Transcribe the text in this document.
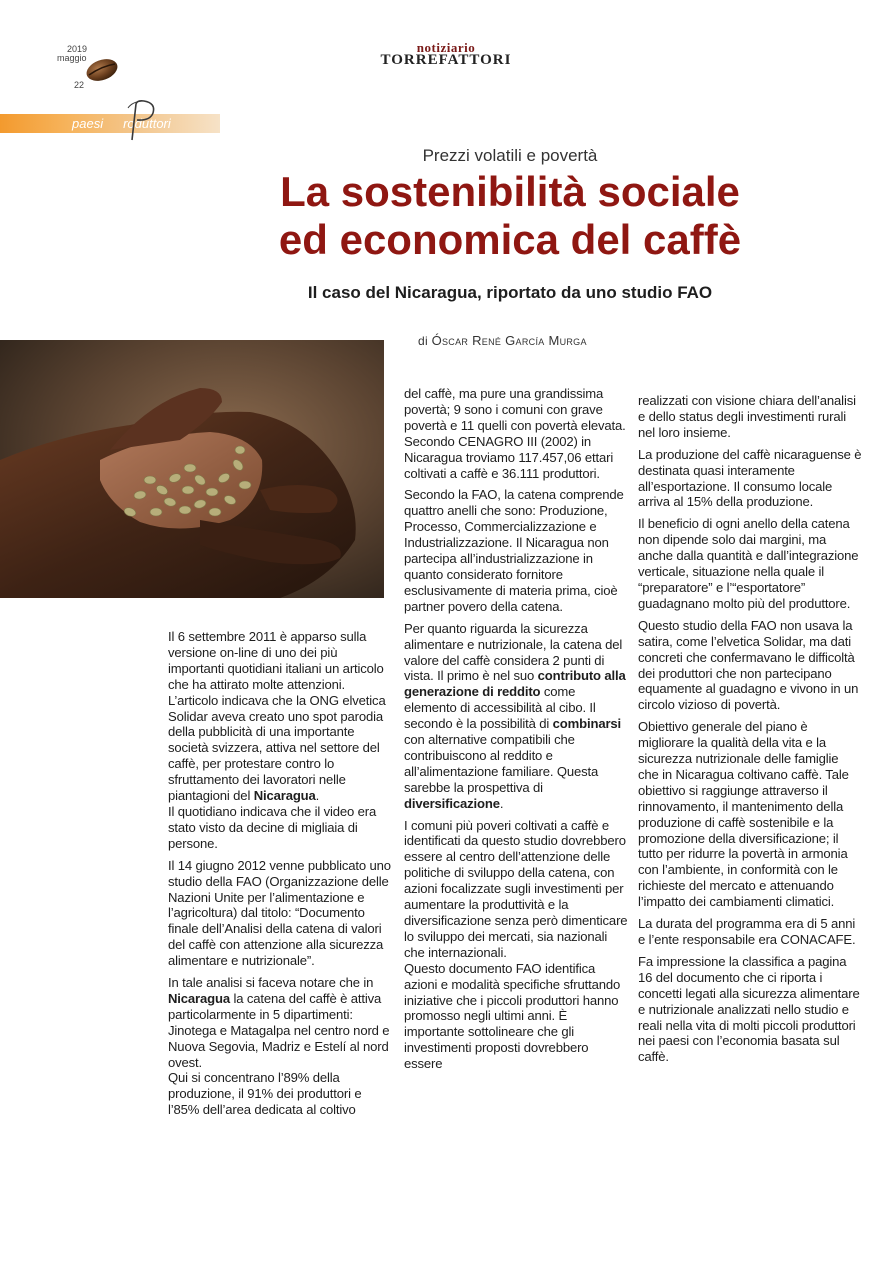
2019
maggio
22
notiziario
TORREFATTORI
paesi roduttori
Prezzi volatili e povertà
La sostenibilità sociale
ed economica del caffè
Il caso del Nicaragua, riportato da uno studio FAO
di Óscar René García Murga

Il 6 settembre 2011 è apparso sulla versione on-line di uno dei più importanti quotidiani italiani un articolo che ha attirato molte attenzioni. L’articolo indicava che la ONG elvetica Solidar aveva creato uno spot parodia della pubblicità di una importante società svizzera, attiva nel settore del caffè, per protestare contro lo sfruttamento dei lavoratori nelle piantagioni del Nicaragua.
Il quotidiano indicava che il video era stato visto da decine di migliaia di persone.

Il 14 giugno 2012 venne pubblicato uno studio della FAO (Organizzazione delle Nazioni Unite per l’alimentazione e l’agricoltura) dal titolo: “Documento finale dell’Analisi della catena di valori del caffè con attenzione alla sicurezza alimentare e nutrizionale”.

In tale analisi si faceva notare che in Nicaragua la catena del caffè è attiva particolarmente in 5 dipartimenti: Jinotega e Matagalpa nel centro nord e Nuova Segovia, Madriz e Estelí al nord ovest.
Qui si concentrano l’89% della produzione, il 91% dei produttori e l’85% dell’area dedicata al coltivo

del caffè, ma pure una grandissima povertà; 9 sono i comuni con grave povertà e 11 quelli con povertà elevata. Secondo CENAGRO III (2002) in Nicaragua troviamo 117.457,06 ettari coltivati a caffè e 36.111 produttori.

Secondo la FAO, la catena comprende quattro anelli che sono: Produzione, Processo, Commercializzazione e Industrializzazione. Il Nicaragua non partecipa all’industrializzazione in quanto considerato fornitore esclusivamente di materia prima, cioè partner povero della catena.

Per quanto riguarda la sicurezza alimentare e nutrizionale, la catena del valore del caffè considera 2 punti di vista. Il primo è nel suo contributo alla generazione di reddito come elemento di accessibilità al cibo. Il secondo è la possibilità di combinarsi con alternative compatibili che contribuiscono al reddito e all’alimentazione familiare. Questa sarebbe la prospettiva di diversificazione.

I comuni più poveri coltivati a caffè e identificati da questo studio dovrebbero essere al centro dell’attenzione delle politiche di sviluppo della catena, con azioni focalizzate sugli investimenti per aumentare la produttività e la diversificazione senza però dimenticare lo sviluppo dei mercati, sia nazionali che internazionali.
Questo documento FAO identifica azioni e modalità specifiche sfruttando iniziative che i piccoli produttori hanno promosso negli ultimi anni. È importante sottolineare che gli investimenti proposti dovrebbero essere

realizzati con visione chiara dell’analisi e dello status degli investimenti rurali nel loro insieme.

La produzione del caffè nicaraguense è destinata quasi interamente all’esportazione. Il consumo locale arriva al 15% della produzione.

Il beneficio di ogni anello della catena non dipende solo dai margini, ma anche dalla quantità e dall’integrazione verticale, situazione nella quale il “preparatore” e l’“esportatore” guadagnano molto più del produttore.

Questo studio della FAO non usava la satira, come l’elvetica Solidar, ma dati concreti che confermavano le difficoltà dei produttori che non partecipano equamente al guadagno e vivono in un circolo vizioso di povertà.

Obiettivo generale del piano è migliorare la qualità della vita e la sicurezza nutrizionale delle famiglie che in Nicaragua coltivano caffè. Tale obiettivo si raggiunge attraverso il rinnovamento, il mantenimento della produzione di caffè sostenibile e la promozione della diversificazione; il tutto per ridurre la povertà in armonia con l’ambiente, in conformità con le richieste del mercato e attenuando l’impatto dei cambiamenti climatici.

La durata del programma era di 5 anni e l’ente responsabile era CONACAFE.

Fa impressione la classifica a pagina 16 del documento che ci riporta i concetti legati alla sicurezza alimentare e nutrizionale analizzati nello studio e reali nella vita di molti piccoli produttori nei paesi con l’economia basata sul caffè.
